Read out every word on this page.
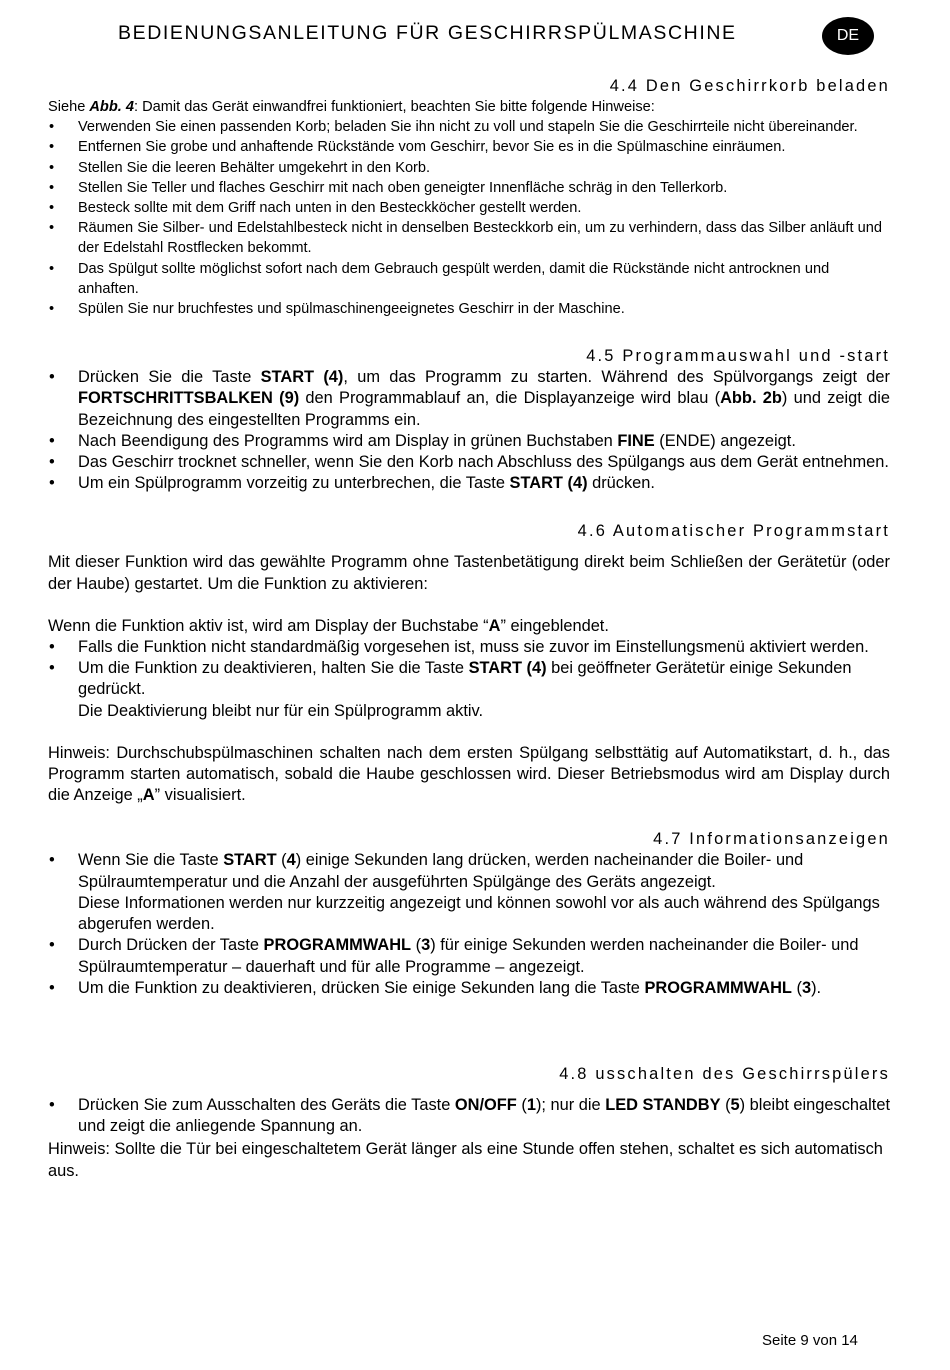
BEDIENUNGSANLEITUNG FÜR GESCHIRRSPÜLMASCHINE	DE
4.4 Den Geschirrkorb beladen

Siehe Abb. 4: Damit das Gerät einwandfrei funktioniert, beachten Sie bitte folgende Hinweise:

• Verwenden Sie einen passenden Korb; beladen Sie ihn nicht zu voll und stapeln Sie die Geschirrteile nicht übereinander.
• Entfernen Sie grobe und anhaftende Rückstände vom Geschirr, bevor Sie es in die Spülmaschine einräumen.
• Stellen Sie die leeren Behälter umgekehrt in den Korb.
• Stellen Sie Teller und flaches Geschirr mit nach oben geneigter Innenfläche schräg in den Tellerkorb.
• Besteck sollte mit dem Griff nach unten in den Besteckköcher gestellt werden.
• Räumen Sie Silber- und Edelstahlbesteck nicht in denselben Besteckkorb ein, um zu verhindern, dass das Silber anläuft und der Edelstahl Rostflecken bekommt.
• Das Spülgut sollte möglichst sofort nach dem Gebrauch gespült werden, damit die Rückstände nicht antrocknen und anhaften.
• Spülen Sie nur bruchfestes und spülmaschinengeeignetes Geschirr in der Maschine.
4.5 Programmauswahl und -start
• Drücken Sie die Taste START (4), um das Programm zu starten. Während des Spülvorgangs zeigt der FORTSCHRITTSBALKEN (9) den Programmablauf an, die Displayanzeige wird blau (Abb. 2b) und zeigt die Bezeichnung des eingestellten Programms ein.
• Nach Beendigung des Programms wird am Display in grünen Buchstaben FINE (ENDE) angezeigt.
• Das Geschirr trocknet schneller, wenn Sie den Korb nach Abschluss des Spülgangs aus dem Gerät entnehmen.
• Um ein Spülprogramm vorzeitig zu unterbrechen, die Taste START (4) drücken.
4.6 Automatischer Programmstart

Mit dieser Funktion wird das gewählte Programm ohne Tastenbetätigung direkt beim Schließen der Gerätetür (oder der Haube) gestartet. Um die Funktion zu aktivieren:

Wenn die Funktion aktiv ist, wird am Display der Buchstabe “A” eingeblendet.

• Falls die Funktion nicht standardmäßig vorgesehen ist, muss sie zuvor im Einstellungsmenü aktiviert werden.
• Um die Funktion zu deaktivieren, halten Sie die Taste START (4) bei geöffneter Gerätetür einige Sekunden gedrückt.
Die Deaktivierung bleibt nur für ein Spülprogramm aktiv.

Hinweis: Durchschubspülmaschinen schalten nach dem ersten Spülgang selbsttätig auf Automatikstart, d. h., das Programm starten automatisch, sobald die Haube geschlossen wird. Dieser Betriebsmodus wird am Display durch die Anzeige „A” visualisiert.

4.7 Informationsanzeigen
• Wenn Sie die Taste START (4) einige Sekunden lang drücken, werden nacheinander die Boiler- und Spülraumtemperatur und die Anzahl der ausgeführten Spülgänge des Geräts angezeigt.
Diese Informationen werden nur kurzzeitig angezeigt und können sowohl vor als auch während des Spülgangs abgerufen werden.
• Durch Drücken der Taste PROGRAMMWAHL (3) für einige Sekunden werden nacheinander die Boiler- und Spülraumtemperatur – dauerhaft und für alle Programme – angezeigt.
• Um die Funktion zu deaktivieren, drücken Sie einige Sekunden lang die Taste PROGRAMMWAHL (3).
4.8 usschalten des Geschirrspülers
• Drücken Sie zum Ausschalten des Geräts die Taste ON/OFF (1); nur die LED STANDBY (5) bleibt eingeschaltet und zeigt die anliegende Spannung an.

Hinweis: Sollte die Tür bei eingeschaltetem Gerät länger als eine Stunde offen stehen, schaltet es sich automatisch aus.

Seite 9 von 14
